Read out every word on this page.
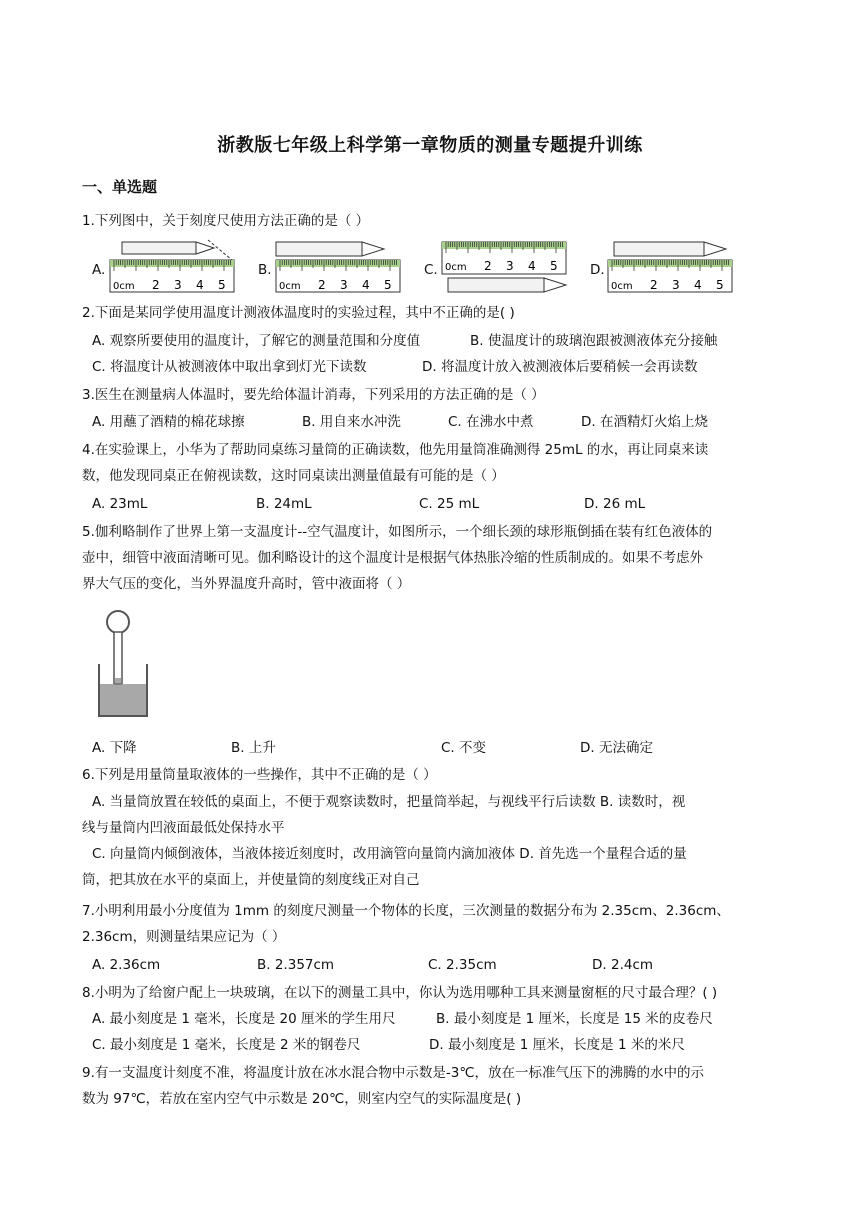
浙教版七年级上科学第一章物质的测量专题提升训练
一、单选题
1.下列图中，关于刻度尺使用方法正确的是（ ）
A.	B.	C.	D.
0cm 2 3 4 5	0cm 2 3 4 5
0cm 2 3 4 5
0cm 2 3 4 5
2.下面是某同学使用温度计测液体温度时的实验过程，其中不正确的是( )
A. 观察所要使用的温度计，了解它的测量范围和分度值	B. 使温度计的玻璃泡跟被测液体充分接触
C. 将温度计从被测液体中取出拿到灯光下读数	D. 将温度计放入被测液体后要稍候一会再读数
3.医生在测量病人体温时，要先给体温计消毒，下列采用的方法正确的是（ ）
A. 用蘸了酒精的棉花球擦	B. 用自来水冲洗	C. 在沸水中煮	D. 在酒精灯火焰上烧
4.在实验课上，小华为了帮助同桌练习量筒的正确读数，他先用量筒准确测得 25mL 的水，再让同桌来读
数，他发现同桌正在俯视读数，这时同桌读出测量值最有可能的是（ ）
A. 23mL	B. 24mL	C. 25 mL	D. 26 mL
5.伽利略制作了世界上第一支温度计--空气温度计，如图所示，一个细长颈的球形瓶倒插在装有红色液体的
壶中，细管中液面清晰可见。伽利略设计的这个温度计是根据气体热胀冷缩的性质制成的。如果不考虑外
界大气压的变化，当外界温度升高时，管中液面将（ ）
A. 下降	B. 上升	C. 不变	D. 无法确定
6.下列是用量筒量取液体的一些操作，其中不正确的是（ ）
A. 当量筒放置在较低的桌面上，不便于观察读数时，把量筒举起，与视线平行后读数 B. 读数时，视
线与量筒内凹液面最低处保持水平
C. 向量筒内倾倒液体，当液体接近刻度时，改用滴管向量筒内滴加液体 D. 首先选一个量程合适的量
筒，把其放在水平的桌面上，并使量筒的刻度线正对自己
7.小明利用最小分度值为 1mm 的刻度尺测量一个物体的长度，三次测量的数据分布为 2.35cm、2.36cm、
2.36cm，则测量结果应记为（ ）
A. 2.36cm	B. 2.357cm	C. 2.35cm	D. 2.4cm
8.小明为了给窗户配上一块玻璃，在以下的测量工具中，你认为选用哪种工具来测量窗框的尺寸最合理？( )
A. 最小刻度是 1 毫米，长度是 20 厘米的学生用尺	B. 最小刻度是 1 厘米，长度是 15 米的皮卷尺
C. 最小刻度是 1 毫米，长度是 2 米的钢卷尺	D. 最小刻度是 1 厘米，长度是 1 米的米尺
9.有一支温度计刻度不准，将温度计放在冰水混合物中示数是-3℃，放在一标准气压下的沸腾的水中的示
数为 97℃，若放在室内空气中示数是 20℃，则室内空气的实际温度是( )
